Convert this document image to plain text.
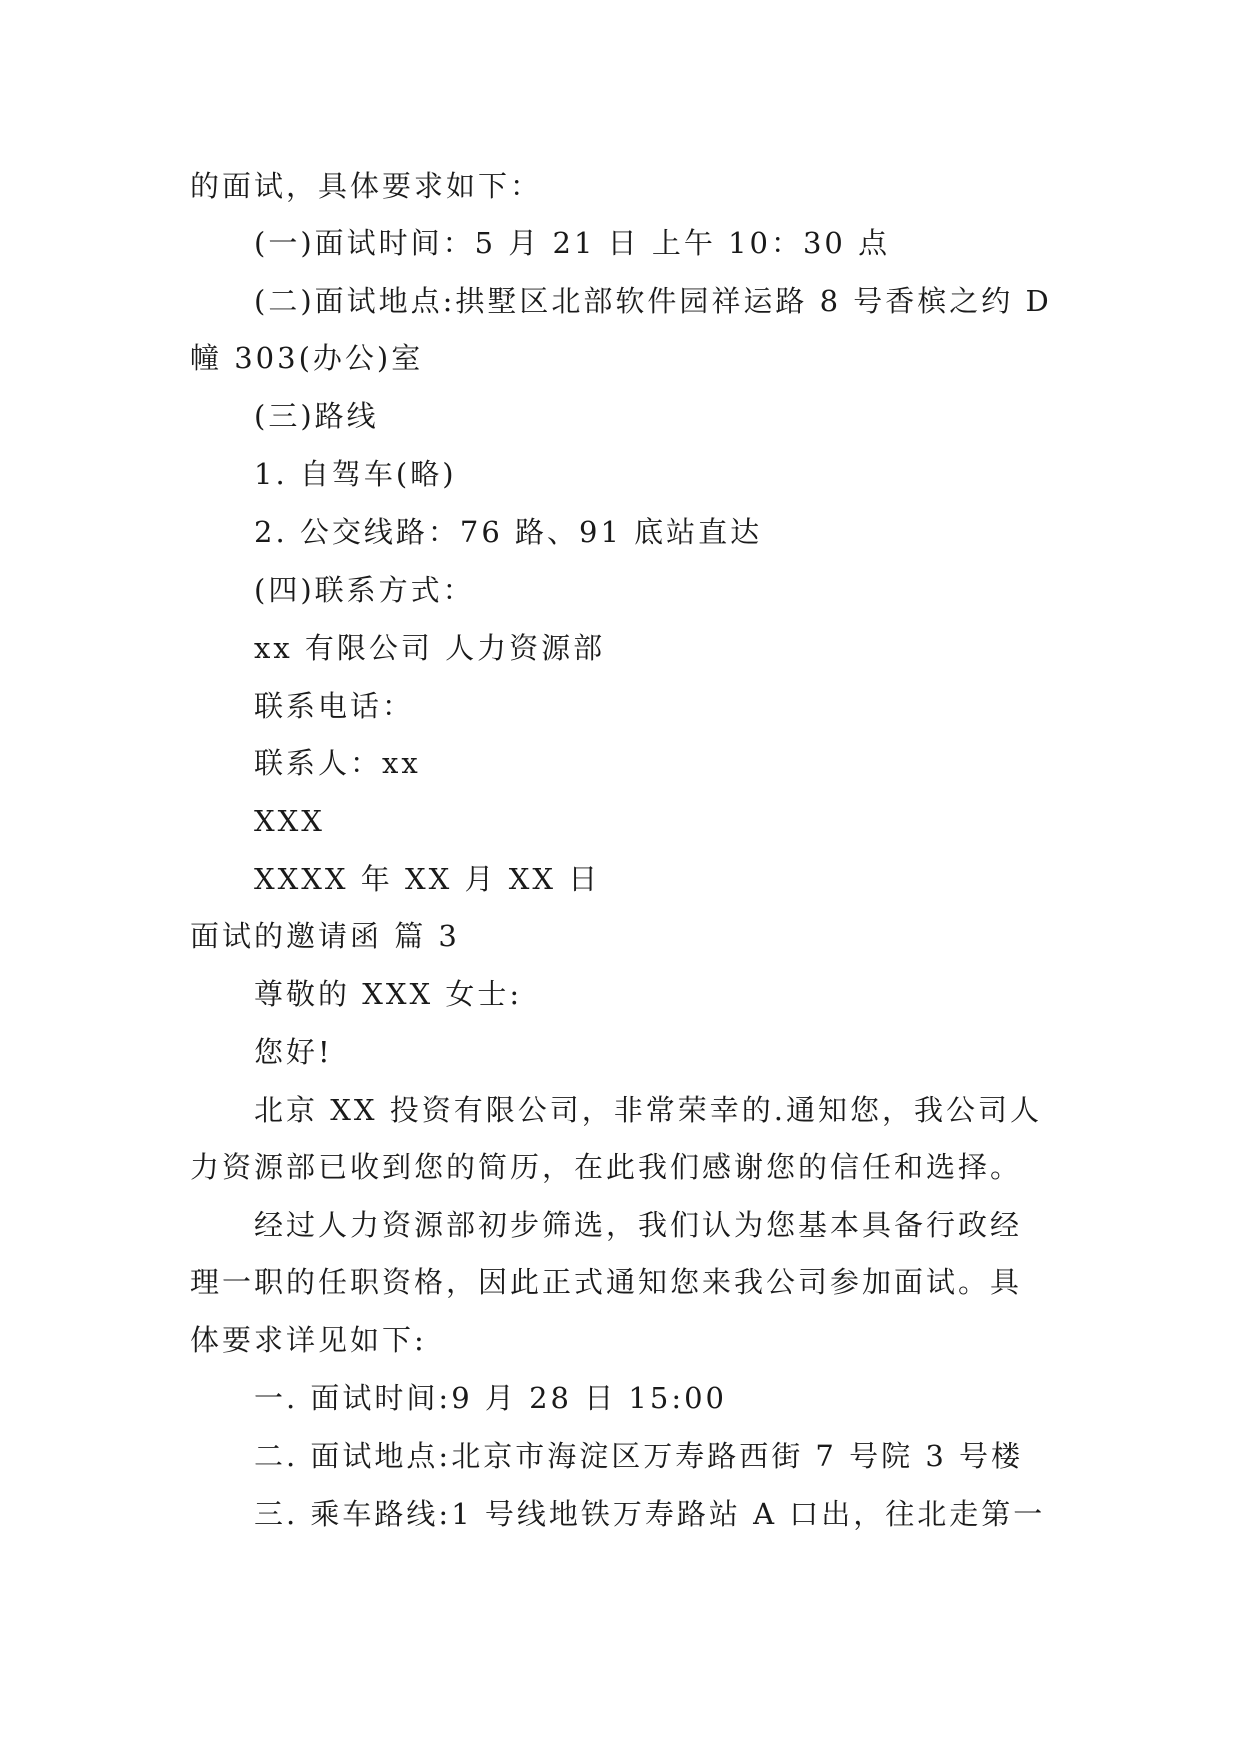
的面试，具体要求如下：
(一)面试时间：5 月 21 日 上午 10：30 点
(二)面试地点:拱墅区北部软件园祥运路 8 号香槟之约 D
幢 303(办公)室
(三)路线
1. 自驾车(略)
2. 公交线路：76 路、91 底站直达
(四)联系方式：
xx 有限公司 人力资源部
联系电话：
联系人：xx
XXX
XXXX 年 XX 月 XX 日
面试的邀请函 篇 3
尊敬的 XXX 女士:
您好!
北京 XX 投资有限公司，非常荣幸的.通知您，我公司人
力资源部已收到您的简历，在此我们感谢您的信任和选择。
经过人力资源部初步筛选，我们认为您基本具备行政经
理一职的任职资格，因此正式通知您来我公司参加面试。具
体要求详见如下:
一. 面试时间:9 月 28 日 15:00
二. 面试地点:北京市海淀区万寿路西街 7 号院 3 号楼
三. 乘车路线:1 号线地铁万寿路站 A 口出，往北走第一
